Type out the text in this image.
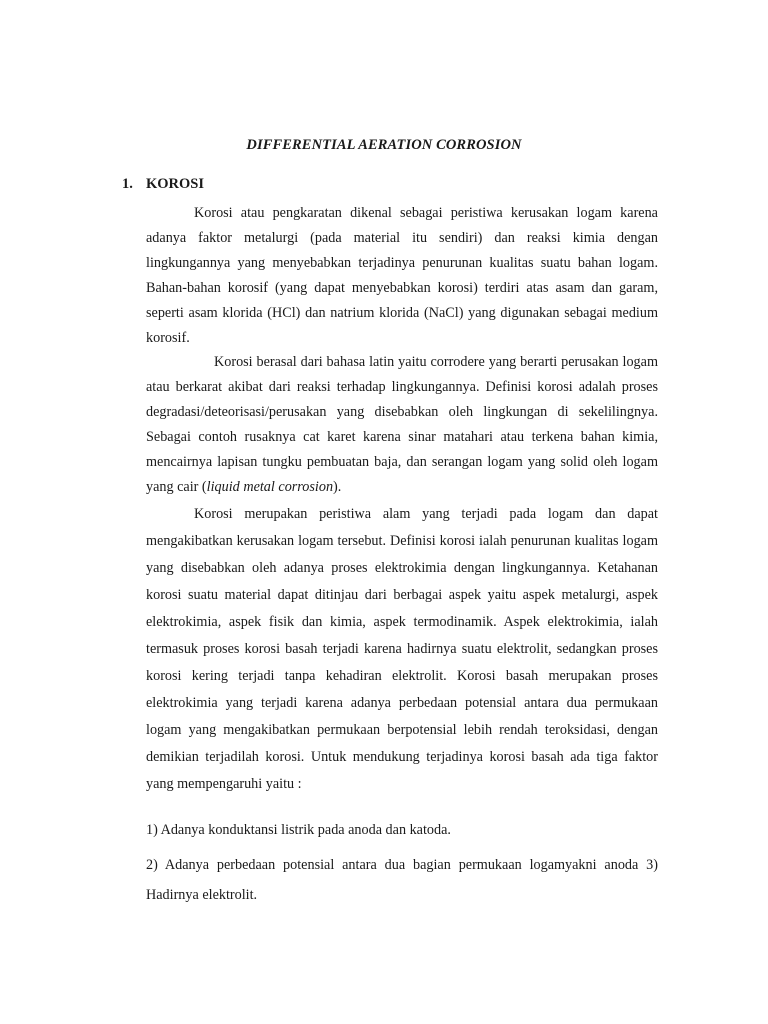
DIFFERENTIAL AERATION CORROSION
1. KOROSI

Korosi atau pengkaratan dikenal sebagai peristiwa kerusakan logam karena adanya faktor metalurgi (pada material itu sendiri) dan reaksi kimia dengan lingkungannya yang menyebabkan terjadinya penurunan kualitas suatu bahan logam. Bahan-bahan korosif (yang dapat menyebabkan korosi) terdiri atas asam dan garam, seperti asam klorida (HCl) dan natrium klorida (NaCl) yang digunakan sebagai medium korosif.

Korosi berasal dari bahasa latin yaitu corrodere yang berarti perusakan logam atau berkarat akibat dari reaksi terhadap lingkungannya. Definisi korosi adalah proses degradasi/deteorisasi/perusakan yang disebabkan oleh lingkungan di sekelilingnya. Sebagai contoh rusaknya cat karet karena sinar matahari atau terkena bahan kimia, mencairnya lapisan tungku pembuatan baja, dan serangan logam yang solid oleh logam yang cair (liquid metal corrosion).

Korosi merupakan peristiwa alam yang terjadi pada logam dan dapat mengakibatkan kerusakan logam tersebut. Definisi korosi ialah penurunan kualitas logam yang disebabkan oleh adanya proses elektrokimia dengan lingkungannya. Ketahanan korosi suatu material dapat ditinjau dari berbagai aspek yaitu aspek metalurgi, aspek elektrokimia, aspek fisik dan kimia, aspek termodinamik. Aspek elektrokimia, ialah termasuk proses korosi basah terjadi karena hadirnya suatu elektrolit, sedangkan proses korosi kering terjadi tanpa kehadiran elektrolit. Korosi basah merupakan proses elektrokimia yang terjadi karena adanya perbedaan potensial antara dua permukaan logam yang mengakibatkan permukaan berpotensial lebih rendah teroksidasi, dengan demikian terjadilah korosi. Untuk mendukung terjadinya korosi basah ada tiga faktor yang mempengaruhi yaitu :

1) Adanya konduktansi listrik pada anoda dan katoda.

2) Adanya perbedaan potensial antara dua bagian permukaan logamyakni anoda 3) Hadirnya elektrolit.
